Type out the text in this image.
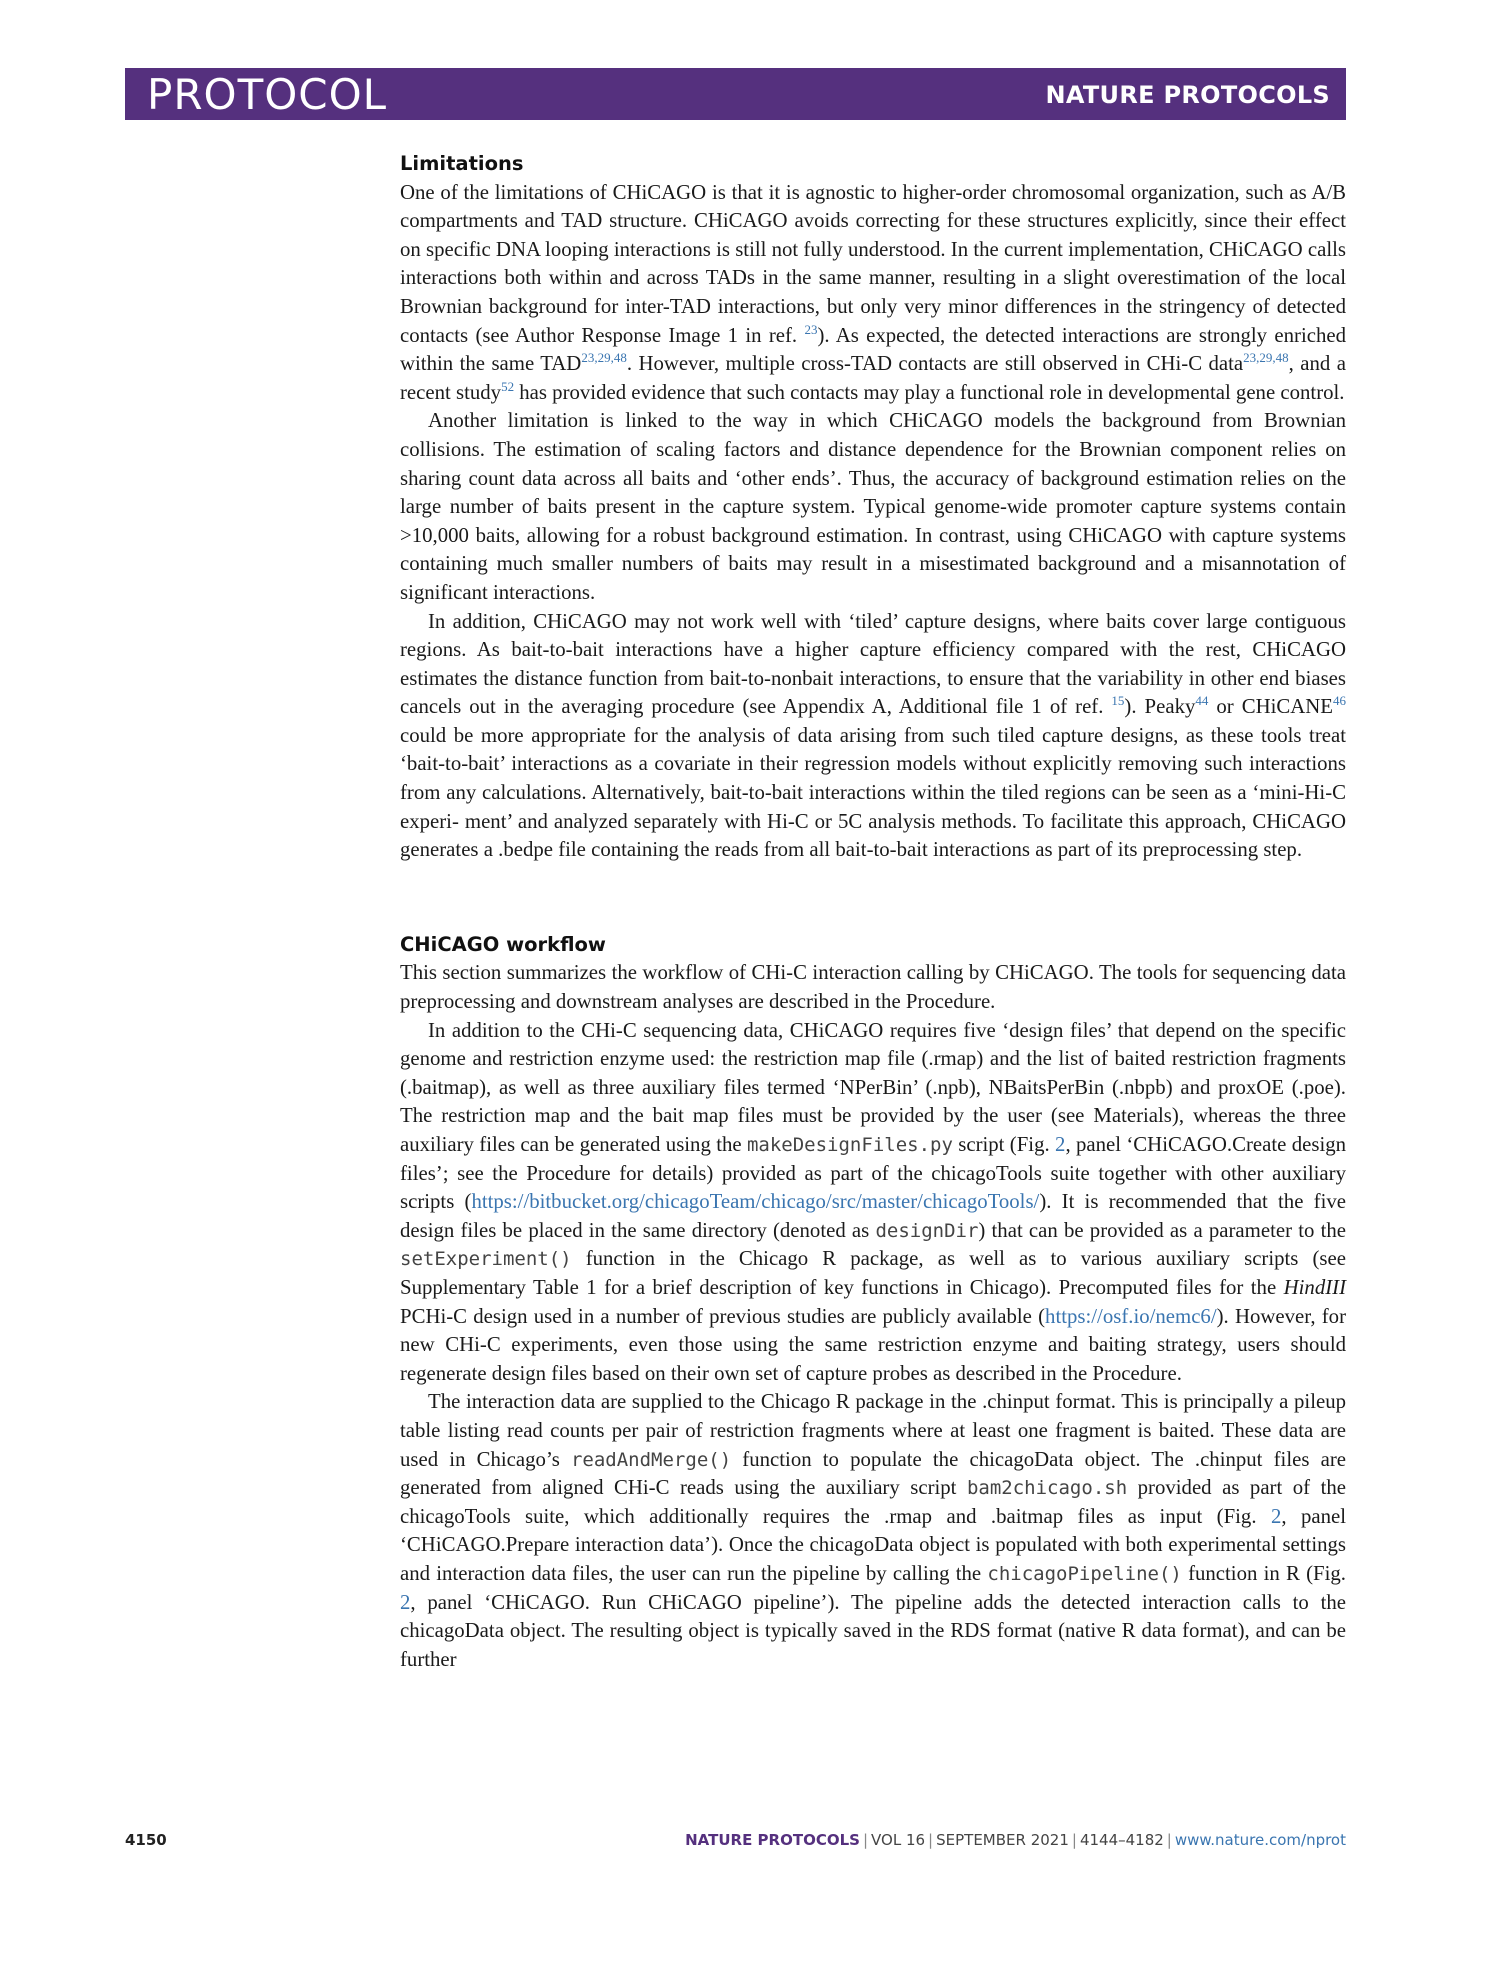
PROTOCOL	NATURE PROTOCOLS
Limitations

One of the limitations of CHiCAGO is that it is agnostic to higher-order chromosomal organization, such as A/B compartments and TAD structure. CHiCAGO avoids correcting for these structures explicitly, since their effect on specific DNA looping interactions is still not fully understood. In the current implementation, CHiCAGO calls interactions both within and across TADs in the same manner, resulting in a slight overestimation of the local Brownian background for inter-TAD interactions, but only very minor differences in the stringency of detected contacts (see Author Response Image 1 in ref. $^{23}$). As expected, the detected interactions are strongly enriched within the same TAD$^{23,29,48}$. However, multiple cross-TAD contacts are still observed in CHi-C data$^{23,29,48}$, and a recent study$^{52}$ has provided evidence that such contacts may play a functional role in developmental gene control.

Another limitation is linked to the way in which CHiCAGO models the background from Brownian collisions. The estimation of scaling factors and distance dependence for the Brownian component relies on sharing count data across all baits and ‘other ends’. Thus, the accuracy of background estimation relies on the large number of baits present in the capture system. Typical genome-wide promoter capture systems contain >10,000 baits, allowing for a robust background estimation. In contrast, using CHiCAGO with capture systems containing much smaller numbers of baits may result in a misestimated background and a misannotation of significant interactions.

In addition, CHiCAGO may not work well with ‘tiled’ capture designs, where baits cover large contiguous regions. As bait-to-bait interactions have a higher capture efficiency compared with the rest, CHiCAGO estimates the distance function from bait-to-nonbait interactions, to ensure that the variability in other end biases cancels out in the averaging procedure (see Appendix A, Additional file 1 of ref. $^{15}$). Peaky$^{44}$ or CHiCANE$^{46}$ could be more appropriate for the analysis of data arising from such tiled capture designs, as these tools treat ‘bait-to-bait’ interactions as a covariate in their regression models without explicitly removing such interactions from any calculations. Alternatively, bait-to-bait interactions within the tiled regions can be seen as a ‘mini-Hi-C experi- ment’ and analyzed separately with Hi-C or 5C analysis methods. To facilitate this approach, CHiCAGO generates a .bedpe file containing the reads from all bait-to-bait interactions as part of its preprocessing step.

CHiCAGO workflow

This section summarizes the workflow of CHi-C interaction calling by CHiCAGO. The tools for sequencing data preprocessing and downstream analyses are described in the Procedure.

In addition to the CHi-C sequencing data, CHiCAGO requires five ‘design files’ that depend on the specific genome and restriction enzyme used: the restriction map file (.rmap) and the list of baited restriction fragments (.baitmap), as well as three auxiliary files termed ‘NPerBin’ (.npb), NBaitsPerBin (.nbpb) and proxOE (.poe). The restriction map and the bait map files must be provided by the user (see Materials), whereas the three auxiliary files can be generated using the makeDesignFiles.py script (Fig. 2, panel ‘CHiCAGO.Create design files’; see the Procedure for details) provided as part of the chicagoTools suite together with other auxiliary scripts (https://bitbucket.org/chicagoTeam/chicago/src/master/chicagoTools/). It is recommended that the five design files be placed in the same directory (denoted as designDir) that can be provided as a parameter to the setExperiment() function in the Chicago R package, as well as to various auxiliary scripts (see Supplementary Table 1 for a brief description of key functions in Chicago). Precomputed files for the HindIII PCHi-C design used in a number of previous studies are publicly available (https://osf.io/nemc6/). However, for new CHi-C experiments, even those using the same restriction enzyme and baiting strategy, users should regenerate design files based on their own set of capture probes as described in the Procedure.

The interaction data are supplied to the Chicago R package in the .chinput format. This is principally a pileup table listing read counts per pair of restriction fragments where at least one fragment is baited. These data are used in Chicago’s readAndMerge() function to populate the chicagoData object. The .chinput files are generated from aligned CHi-C reads using the auxiliary script bam2chicago.sh provided as part of the chicagoTools suite, which additionally requires the .rmap and .baitmap files as input (Fig. 2, panel ‘CHiCAGO.Prepare interaction data’). Once the chicagoData object is populated with both experimental settings and interaction data files, the user can run the pipeline by calling the chicagoPipeline() function in R (Fig. 2, panel ‘CHiCAGO. Run CHiCAGO pipeline’). The pipeline adds the detected interaction calls to the chicagoData object. The resulting object is typically saved in the RDS format (native R data format), and can be further

4150	NATURE PROTOCOLS | VOL 16 | SEPTEMBER 2021 | 4144–4182 | www.nature.com/nprot
